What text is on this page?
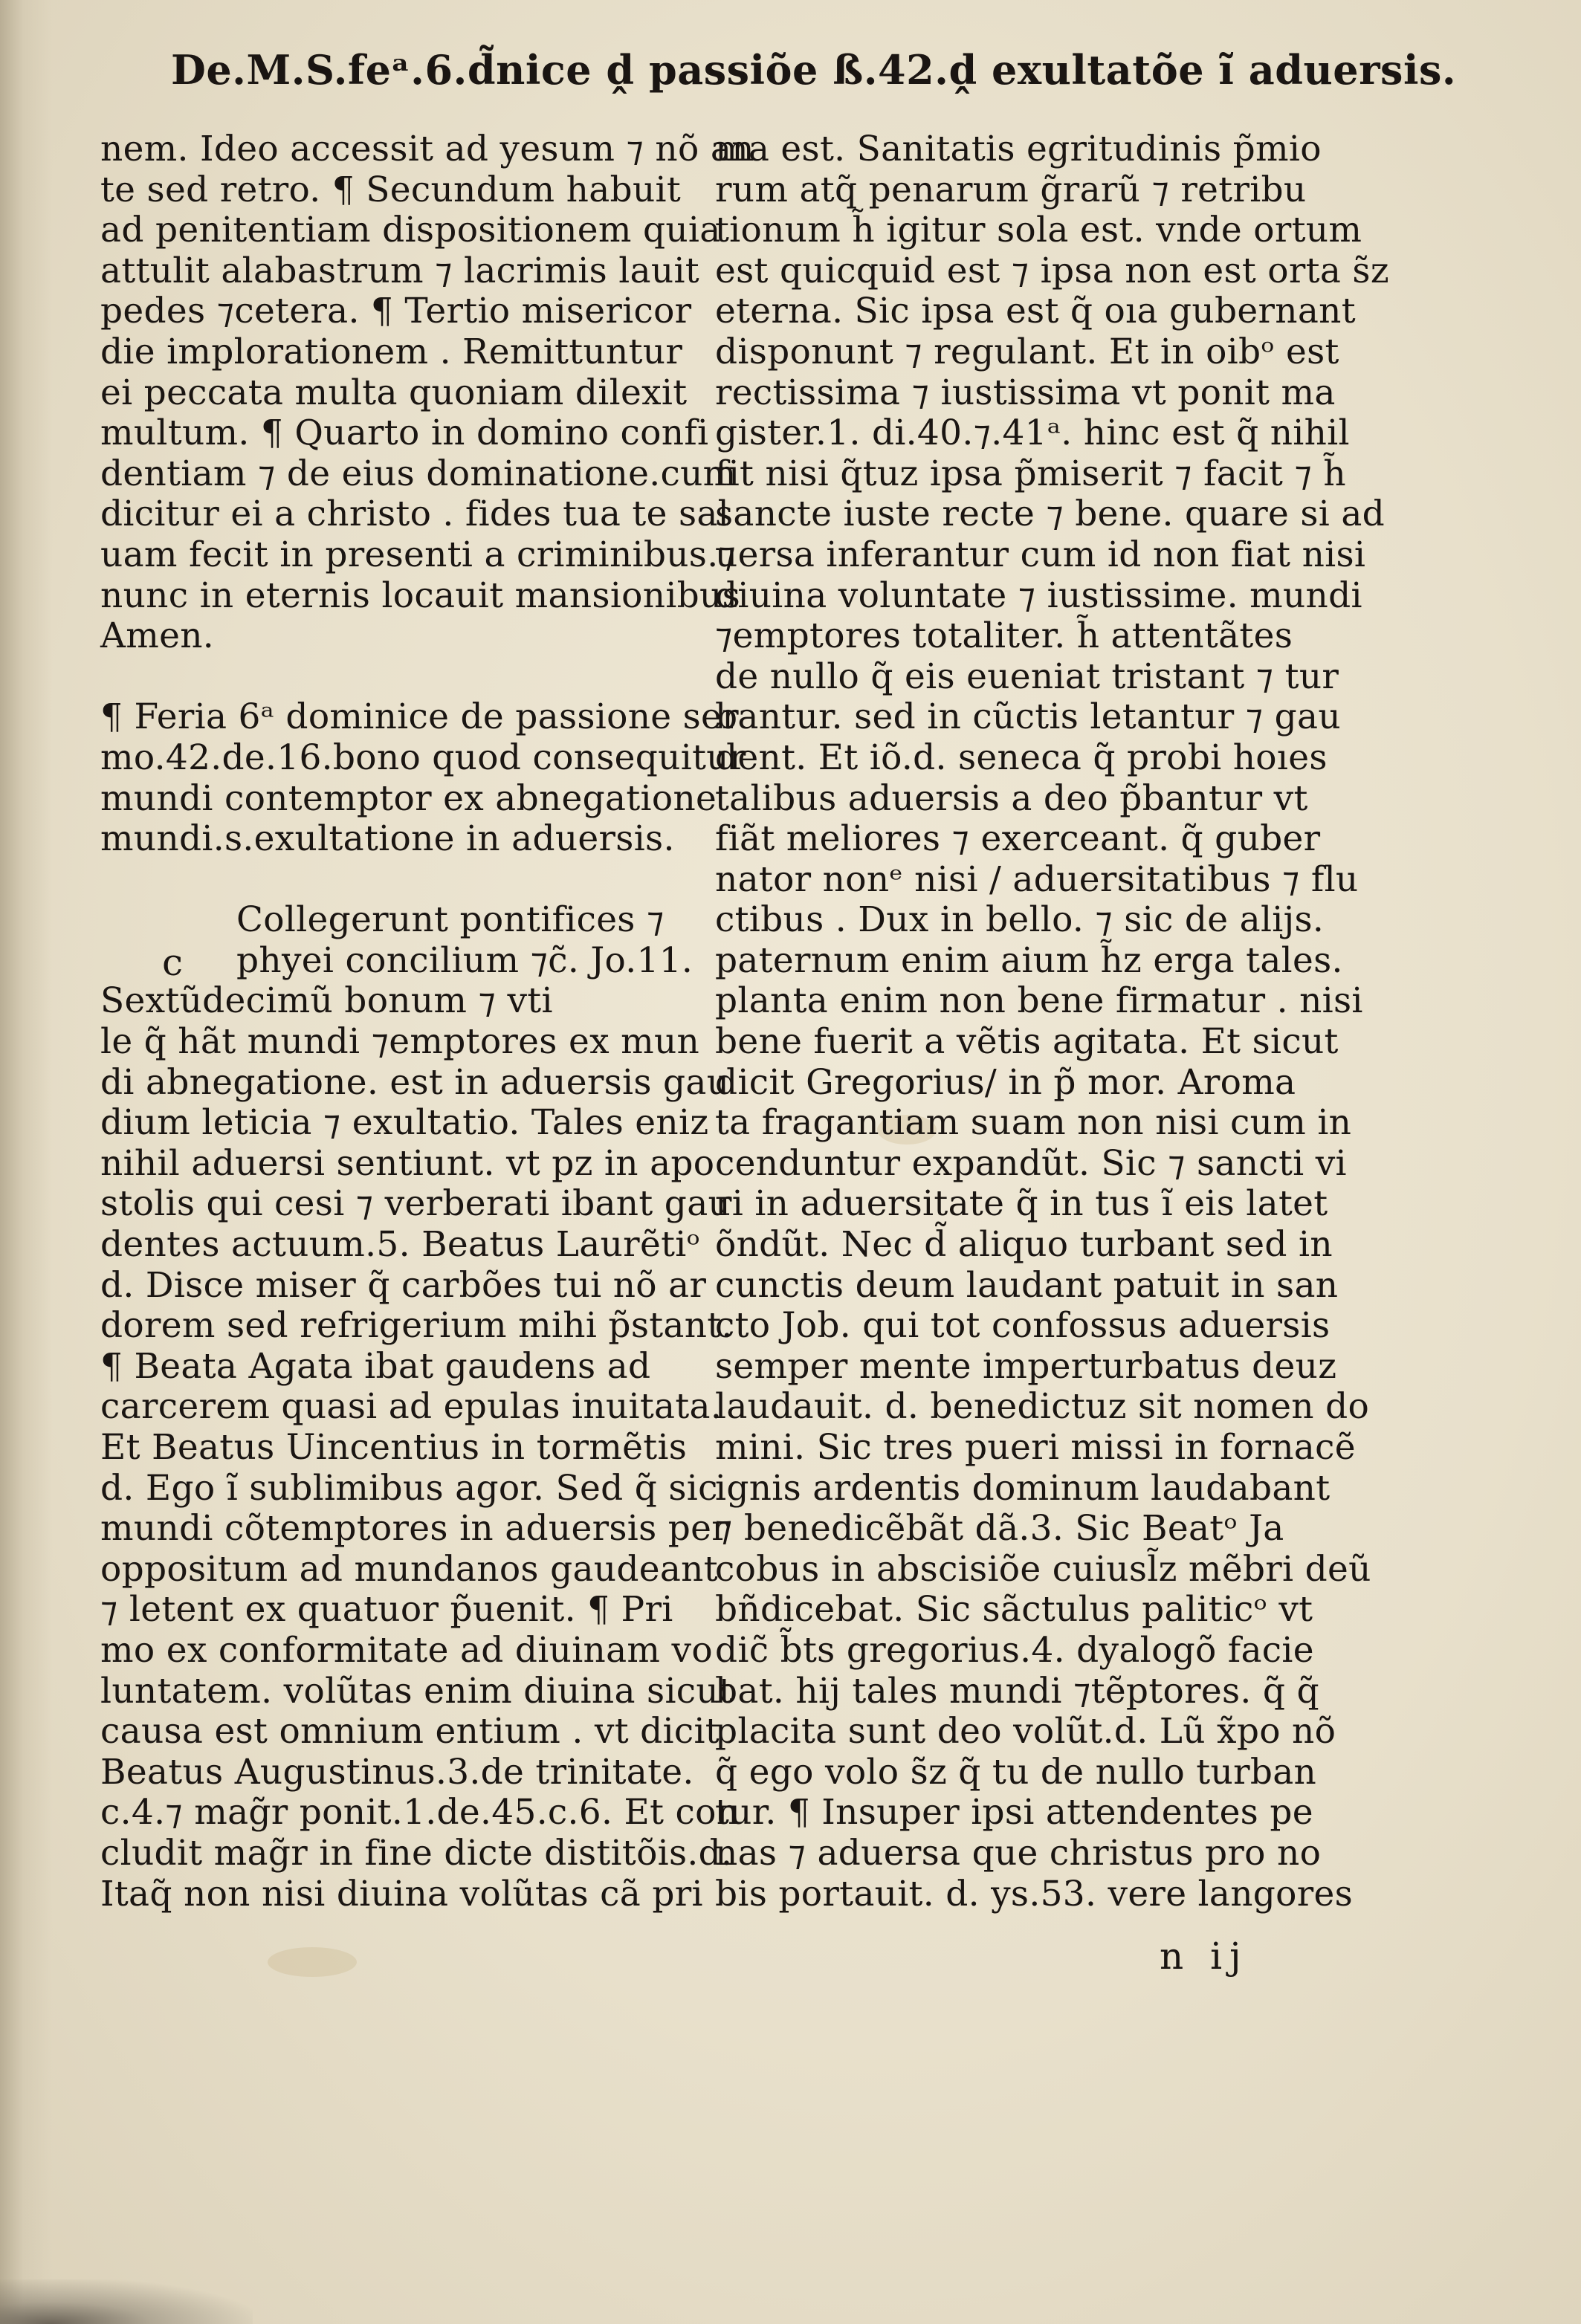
De.M.S.feᵃ.6.d̃nice ḓ passiõe ß.42.ḓ exultatõe ĩ aduersis.
nem. Ideo accessit ad yesum ⁊ nõ an
te sed retro. ¶ Secundum habuit
ad penitentiam dispositionem quia
attulit alabastrum ⁊ lacrimis lauit
pedes ⁊cetera. ¶ Tertio misericor
die implorationem . Remittuntur
ei peccata multa quoniam dilexit
multum. ¶ Quarto in domino confi
dentiam ⁊ de eius dominatione.cum
dicitur ei a christo . fides tua te sal
uam fecit in presenti a criminibus.⁊
nunc in eternis locauit mansionibus
Amen.
¶ Feria 6ᵃ dominice de passione ser
mo.42.de.16.bono quod consequitur
mundi contemptor ex abnegatione
mundi.s.exultatione in aduersis.
Collegerunt pontifices ⁊
phyei concilium ⁊c̃. Jo.11.
Sextũdecimũ bonum ⁊ vti
le q̃ hãt mundi ⁊emptores ex mun
di abnegatione. est in aduersis gau
dium leticia ⁊ exultatio. Tales eniz
nihil aduersi sentiunt. vt pz in apo
stolis qui cesi ⁊ verberati ibant gau
dentes actuum.5. Beatus Laurẽtiᵒ
d. Disce miser q̃ carbões tui nõ ar
dorem sed refrigerium mihi p̃stant.
¶ Beata Agata ibat gaudens ad
carcerem quasi ad epulas inuitata.
Et Beatus Uincentius in tormẽtis
d. Ego ĩ sublimibus agor. Sed q̃ sic
mundi cõtemptores in aduersis per
oppositum ad mundanos gaudeant
⁊ letent ex quatuor p̃uenit. ¶ Pri
mo ex conformitate ad diuinam vo
luntatem. volũtas enim diuina sicut
causa est omnium entium . vt dicit
Beatus Augustinus.3.de trinitate.
c.4.⁊ mag̃r ponit.1.de.45.c.6. Et con
cludit mag̃r in fine dicte distitõis.d.
Itaq̃ non nisi diuina volũtas cã pri
c
ma est. Sanitatis egritudinis p̃mio
rum atq̃ penarum g̃rarũ ⁊ retribu
tionum h̃ igitur sola est. vnde ortum
est quicquid est ⁊ ipsa non est orta s̃z
eterna. Sic ipsa est q̃ oıa gubernant
disponunt ⁊ regulant. Et in oibᵒ est
rectissima ⁊ iustissima vt ponit ma
gister.1. di.40.⁊.41ᵃ. hinc est q̃ nihil
fit nisi q̃tuz ipsa p̃miserit ⁊ facit ⁊ h̃
sancte iuste recte ⁊ bene. quare si ad
uersa inferantur cum id non fiat nisi
diuina voluntate ⁊ iustissime. mundi
⁊emptores totaliter. h̃ attentãtes
de nullo q̃ eis eueniat tristant ⁊ tur
bantur. sed in cũctis letantur ⁊ gau
dent. Et iõ.d. seneca q̃ probi hoıes
talibus aduersis a deo p̃bantur vt
fiãt meliores ⁊ exerceant. q̃ guber
nator nonᵉ nisi / aduersitatibus ⁊ flu
ctibus . Dux in bello. ⁊ sic de alijs.
paternum enim aium h̃z erga tales.
planta enim non bene firmatur . nisi
bene fuerit a vẽtis agitata. Et sicut
dicit Gregorius/ in p̃ mor. Aroma
ta fragantiam suam non nisi cum in
cenduntur expandũt. Sic ⁊ sancti vi
ri in aduersitate q̃ in tus ĩ eis latet
õndũt. Nec d̃ aliquo turbant sed in
cunctis deum laudant patuit in san
cto Job. qui tot confossus aduersis
semper mente imperturbatus deuz
laudauit. d. benedictuz sit nomen do
mini. Sic tres pueri missi in fornacẽ
ignis ardentis dominum laudabant
⁊ benedicẽbãt dã.3. Sic Beatᵒ Ja
cobus in abscisiõe cuiusl̃z mẽbri deũ
bñdicebat. Sic sãctulus paliticᵒ vt
dic̃ b̃ts gregorius.4. dyalogõ facie
bat. hij tales mundi ⁊tẽptores. q̃ q̃
placita sunt deo volũt.d. Lũ x̃po nõ
q̃ ego volo s̃z q̃ tu de nullo turban
tur. ¶ Insuper ipsi attendentes pe
nas ⁊ aduersa que christus pro no
bis portauit. d. ys.53. vere langores
n ij
